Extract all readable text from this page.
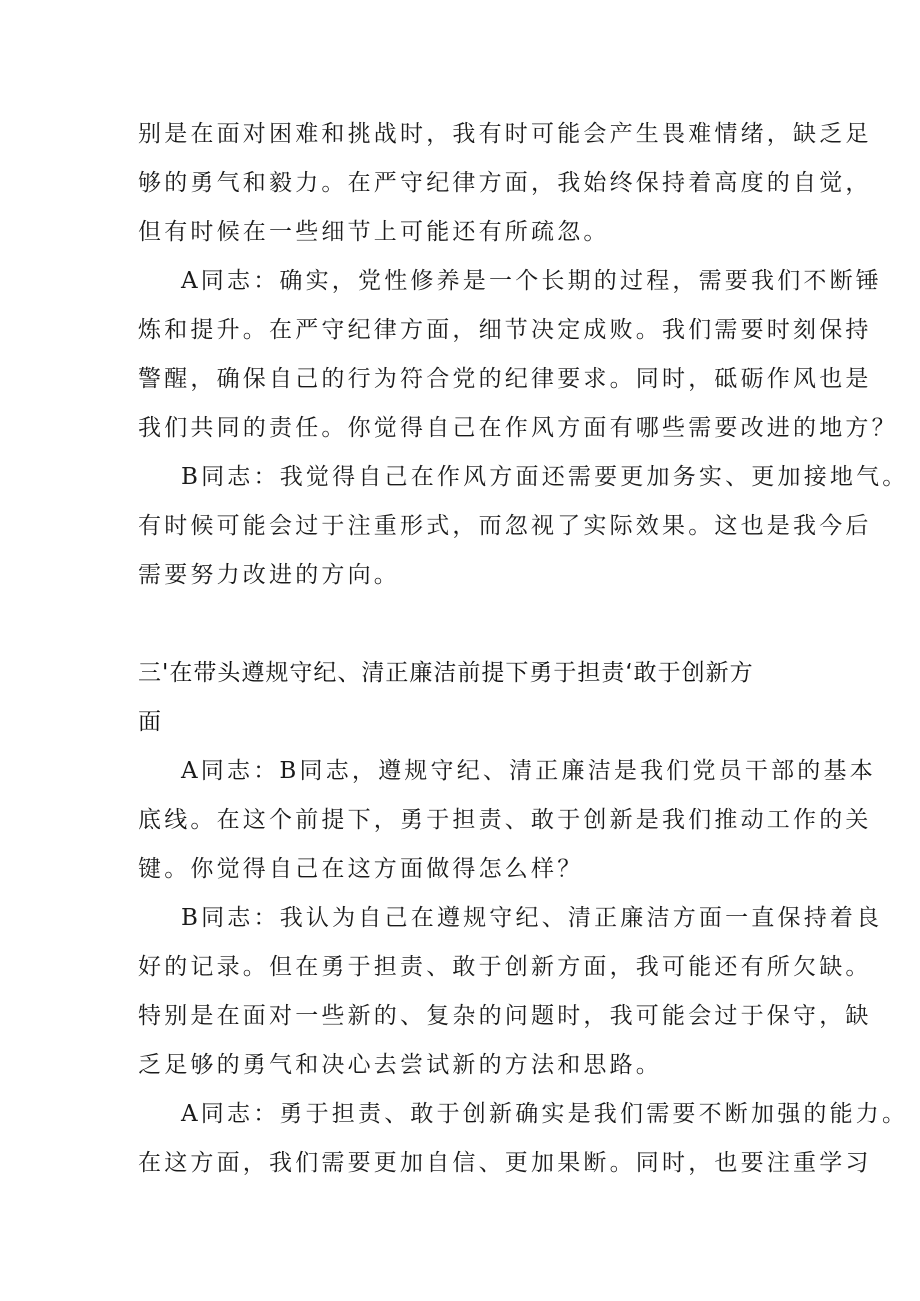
别是在面对困难和挑战时，我有时可能会产生畏难情绪，缺乏足
够的勇气和毅力。在严守纪律方面，我始终保持着高度的自觉，
但有时候在一些细节上可能还有所疏忽。
A同志：确实，党性修养是一个长期的过程，需要我们不断锤
炼和提升。在严守纪律方面，细节决定成败。我们需要时刻保持
警醒，确保自己的行为符合党的纪律要求。同时，砥砺作风也是
我们共同的责任。你觉得自己在作风方面有哪些需要改进的地方？
B同志：我觉得自己在作风方面还需要更加务实、更加接地气。
有时候可能会过于注重形式，而忽视了实际效果。这也是我今后
需要努力改进的方向。
三'在带头遵规守纪、清正廉洁前提下勇于担责‘敢于创新方
面
A同志：B同志，遵规守纪、清正廉洁是我们党员干部的基本
底线。在这个前提下，勇于担责、敢于创新是我们推动工作的关
键。你觉得自己在这方面做得怎么样？
B同志：我认为自己在遵规守纪、清正廉洁方面一直保持着良
好的记录。但在勇于担责、敢于创新方面，我可能还有所欠缺。
特别是在面对一些新的、复杂的问题时，我可能会过于保守，缺
乏足够的勇气和决心去尝试新的方法和思路。
A同志：勇于担责、敢于创新确实是我们需要不断加强的能力。
在这方面，我们需要更加自信、更加果断。同时，也要注重学习
